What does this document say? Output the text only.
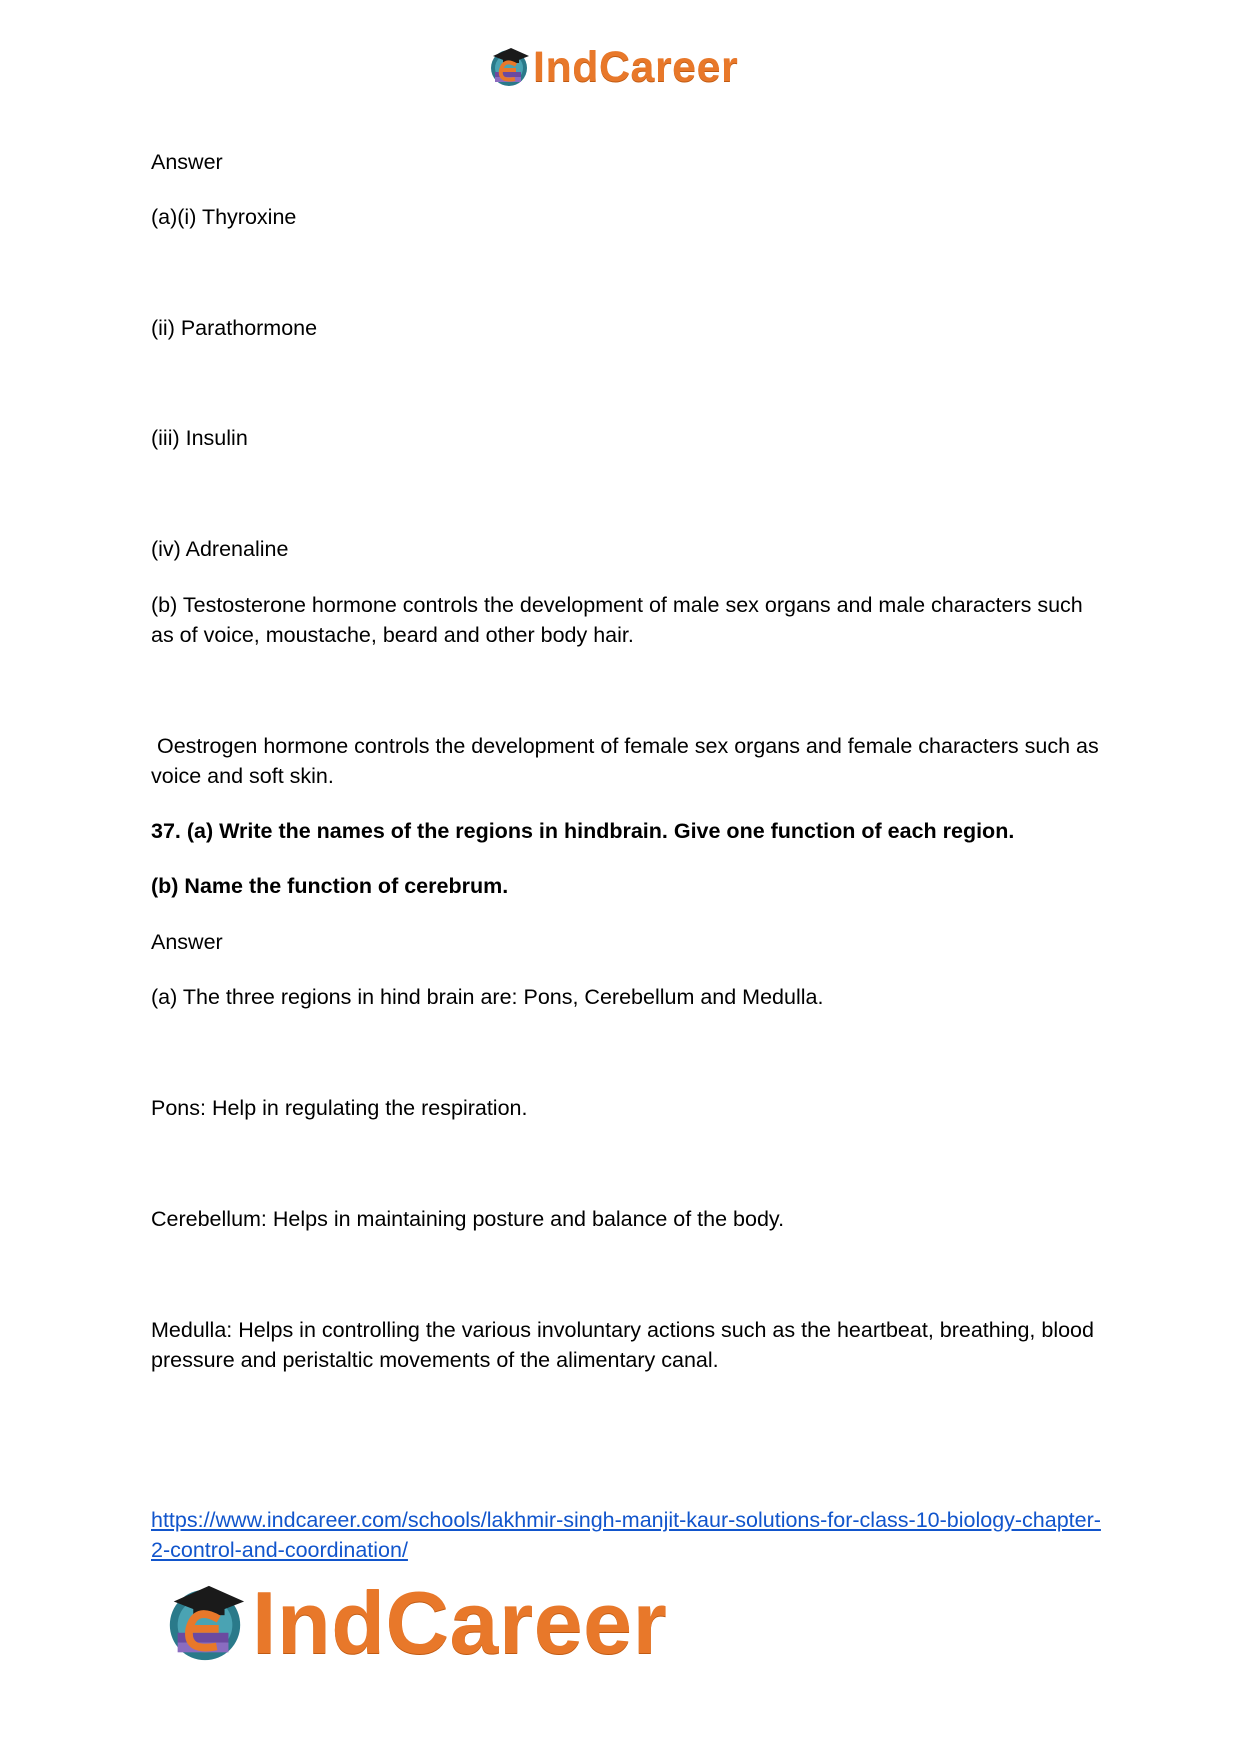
IndCareer

Answer

(a)(i) Thyroxine

(ii) Parathormone

(iii) Insulin

(iv) Adrenaline

(b) Testosterone hormone controls the development of male sex organs and male characters such as of voice, moustache, beard and other body hair.

Oestrogen hormone controls the development of female sex organs and female characters such as voice and soft skin.

37. (a) Write the names of the regions in hindbrain. Give one function of each region.

(b) Name the function of cerebrum.

Answer

(a) The three regions in hind brain are: Pons, Cerebellum and Medulla.

Pons: Help in regulating the respiration.

Cerebellum: Helps in maintaining posture and balance of the body.

Medulla: Helps in controlling the various involuntary actions such as the heartbeat, breathing, blood pressure and peristaltic movements of the alimentary canal.

https://www.indcareer.com/schools/lakhmir-singh-manjit-kaur-solutions-for-class-10-biology-chapter-2-control-and-coordination/
IndCareer
